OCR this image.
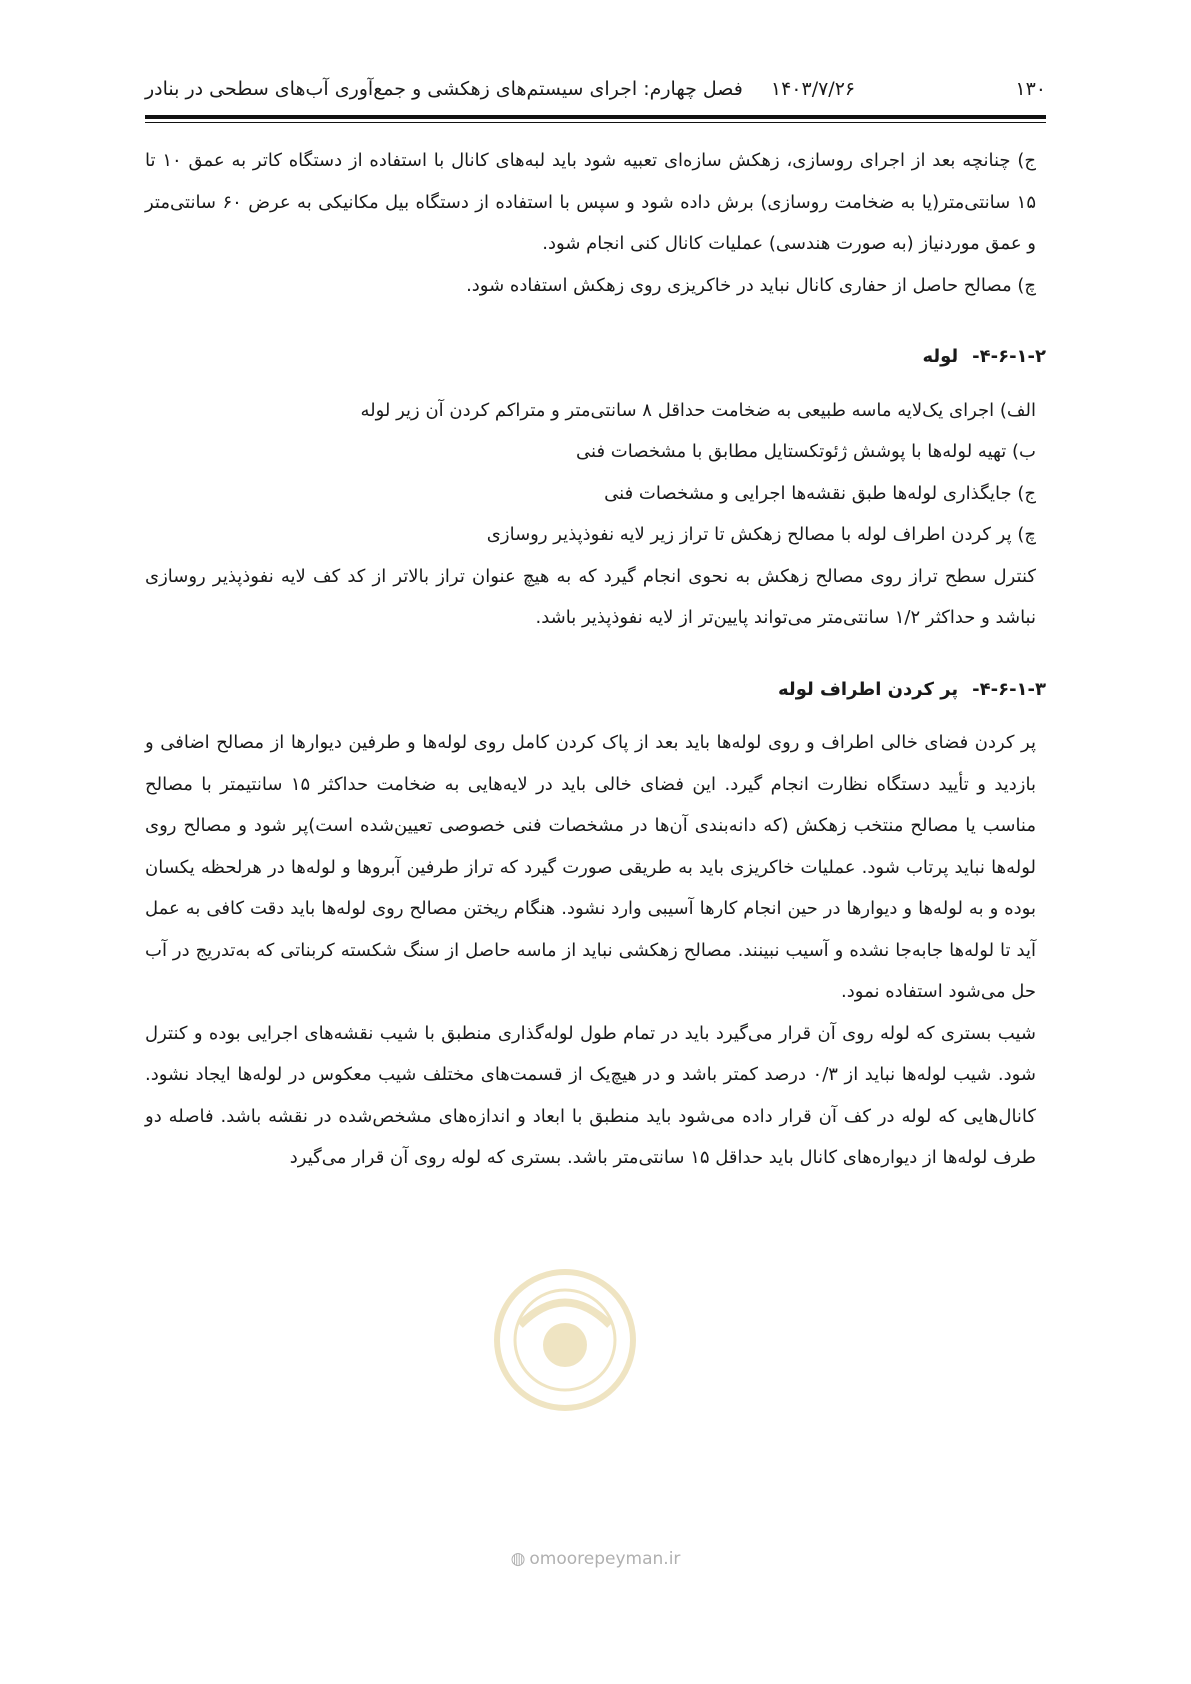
۱۳۰
۱۴۰۳/۷/۲۶ فصل چهارم: اجرای سیستم‌های زهکشی و جمع‌آوری آب‌های سطحی در بنادر

ج) چنانچه بعد از اجرای روسازی، زهکش سازه‌ای تعبیه شود باید لبه‌های کانال با استفاده از دستگاه کاتر به عمق ۱۰ تا ۱۵ سانتی‌متر(یا به ضخامت روسازی) برش داده شود و سپس با استفاده از دستگاه بیل مکانیکی به عرض ۶۰ سانتی‌متر و عمق موردنیاز (به صورت هندسی) عملیات کانال کنی انجام شود.

چ) مصالح حاصل از حفاری کانال نباید در خاکریزی روی زهکش استفاده شود.

۴-۶-۱-۲-لوله

الف) اجرای یک‌لایه ماسه طبیعی به ضخامت حداقل ۸ سانتی‌متر و متراکم کردن آن زیر لوله

ب) تهیه لوله‌ها با پوشش ژئوتکستایل مطابق با مشخصات فنی

ج) جایگذاری لوله‌ها طبق نقشه‌ها اجرایی و مشخصات فنی

چ) پر کردن اطراف لوله با مصالح زهکش تا تراز زیر لایه نفوذپذیر روسازی

کنترل سطح تراز روی مصالح زهکش به نحوی انجام گیرد که به هیچ عنوان تراز بالاتر از کد کف لایه نفوذپذیر روسازی نباشد و حداکثر ۱/۲ سانتی‌متر می‌تواند پایین‌تر از لایه نفوذپذیر باشد.

۴-۶-۱-۳-پر کردن اطراف لوله

پر کردن فضای خالی اطراف و روی لوله‌ها باید بعد از پاک کردن کامل روی لوله‌ها و طرفین دیوارها از مصالح اضافی و بازدید و تأیید دستگاه نظارت انجام گیرد. این فضای خالی باید در لایه‌هایی به ضخامت حداکثر ۱۵ سانتیمتر با مصالح مناسب یا مصالح منتخب زهکش (که دانه‌بندی آن‌ها در مشخصات فنی خصوصی تعیین‌شده است)پر شود و مصالح روی لوله‌ها نباید پرتاب شود. عملیات خاکریزی باید به طریقی صورت گیرد که تراز طرفین آبروها و لوله‌ها در هرلحظه یکسان بوده و به لوله‌ها و دیوارها در حین انجام کارها آسیبی وارد نشود. هنگام ریختن مصالح روی لوله‌ها باید دقت کافی به عمل آید تا لوله‌ها جابه‌جا نشده و آسیب نبینند. مصالح زهکشی نباید از ماسه حاصل از سنگ شکسته کربناتی که به‌تدریج در آب حل می‌شود استفاده نمود.

شیب بستری که لوله روی آن قرار می‌گیرد باید در تمام طول لوله‌گذاری منطبق با شیب نقشه‌های اجرایی بوده و کنترل شود. شیب لوله‌ها نباید از ۰/۳ درصد کمتر باشد و در هیچ‌یک از قسمت‌های مختلف شیب معکوس در لوله‌ها ایجاد نشود. کانال‌هایی که لوله در کف آن قرار داده می‌شود باید منطبق با ابعاد و اندازه‌های مشخص‌شده در نقشه باشد. فاصله دو طرف لوله‌ها از دیواره‌های کانال باید حداقل ۱۵ سانتی‌متر باشد. بستری که لوله روی آن قرار می‌گیرد

◍ omoorepeyman.ir
